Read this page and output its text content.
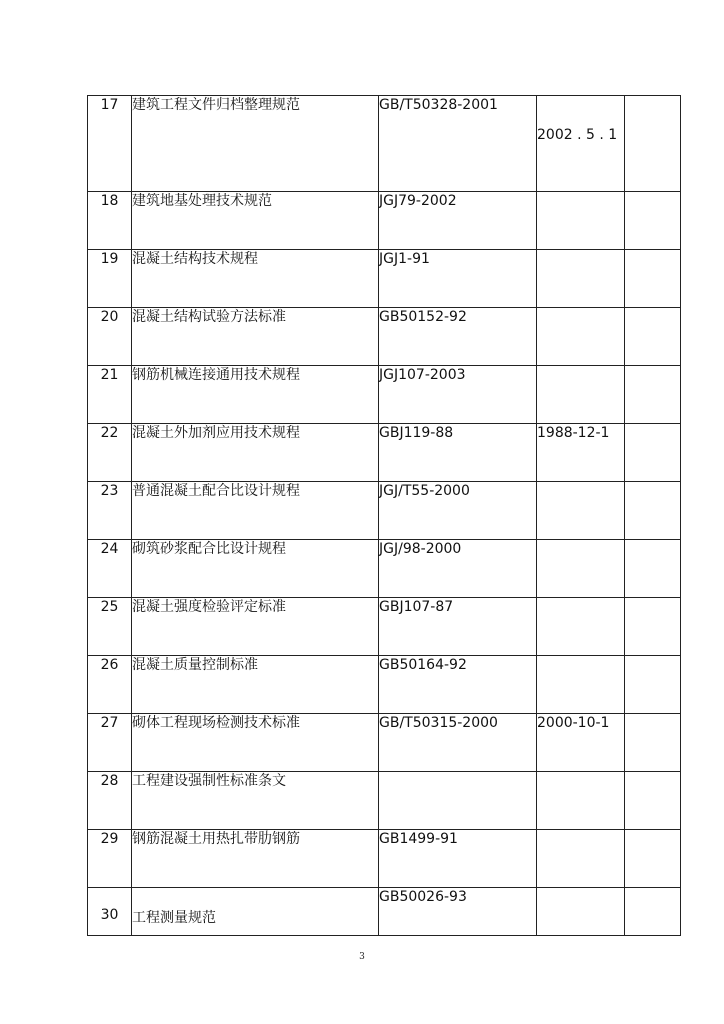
17	建筑工程文件归档整理规范	GB/T50328-2001	2002 . 5 . 1	
18	建筑地基处理技术规范	JGJ79-2002		
19	混凝土结构技术规程	JGJ1-91		
20	混凝土结构试验方法标准	GB50152-92		
21	钢筋机械连接通用技术规程	JGJ107-2003		
22	混凝土外加剂应用技术规程	GBJ119-88	1988-12-1	
23	普通混凝土配合比设计规程	JGJ/T55-2000		
24	砌筑砂浆配合比设计规程	JGJ/98-2000		
25	混凝土强度检验评定标准	GBJ107-87		
26	混凝土质量控制标准	GB50164-92		
27	砌体工程现场检测技术标准	GB/T50315-2000	2000-10-1	
28	工程建设强制性标准条文			
29	钢筋混凝土用热扎带肋钢筋	GB1499-91		
30	工程测量规范	GB50026-93		
3
